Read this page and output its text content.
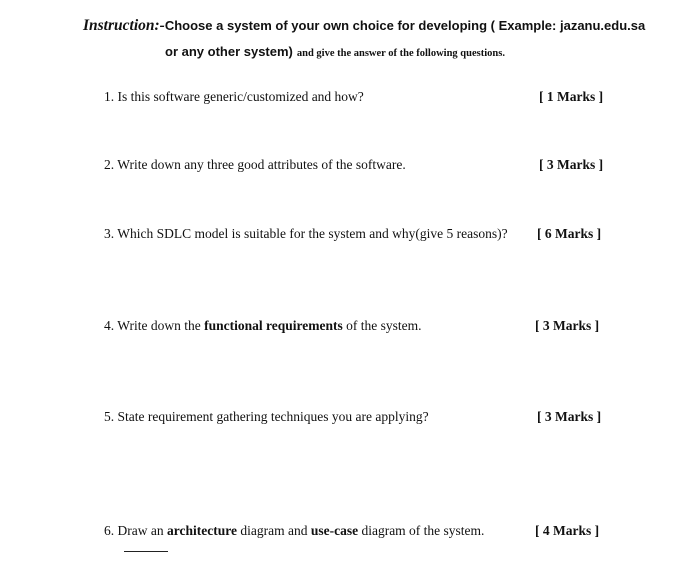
Instruction:-Choose a system of your own choice for developing ( Example: jazanu.edu.sa
or any other system) and give the answer of the following questions.
1. Is this software generic/customized and how?	[ 1 Marks ]
2. Write down any three good attributes of the software.	[ 3 Marks ]
3. Which SDLC model is suitable for the system and why(give 5 reasons)? [ 6 Marks ]
4. Write down the functional requirements of the system.	[ 3 Marks ]
5. State requirement gathering techniques you are applying?	[ 3 Marks ]
6. Draw an architecture diagram and use-case diagram of the system.	[ 4 Marks ]
